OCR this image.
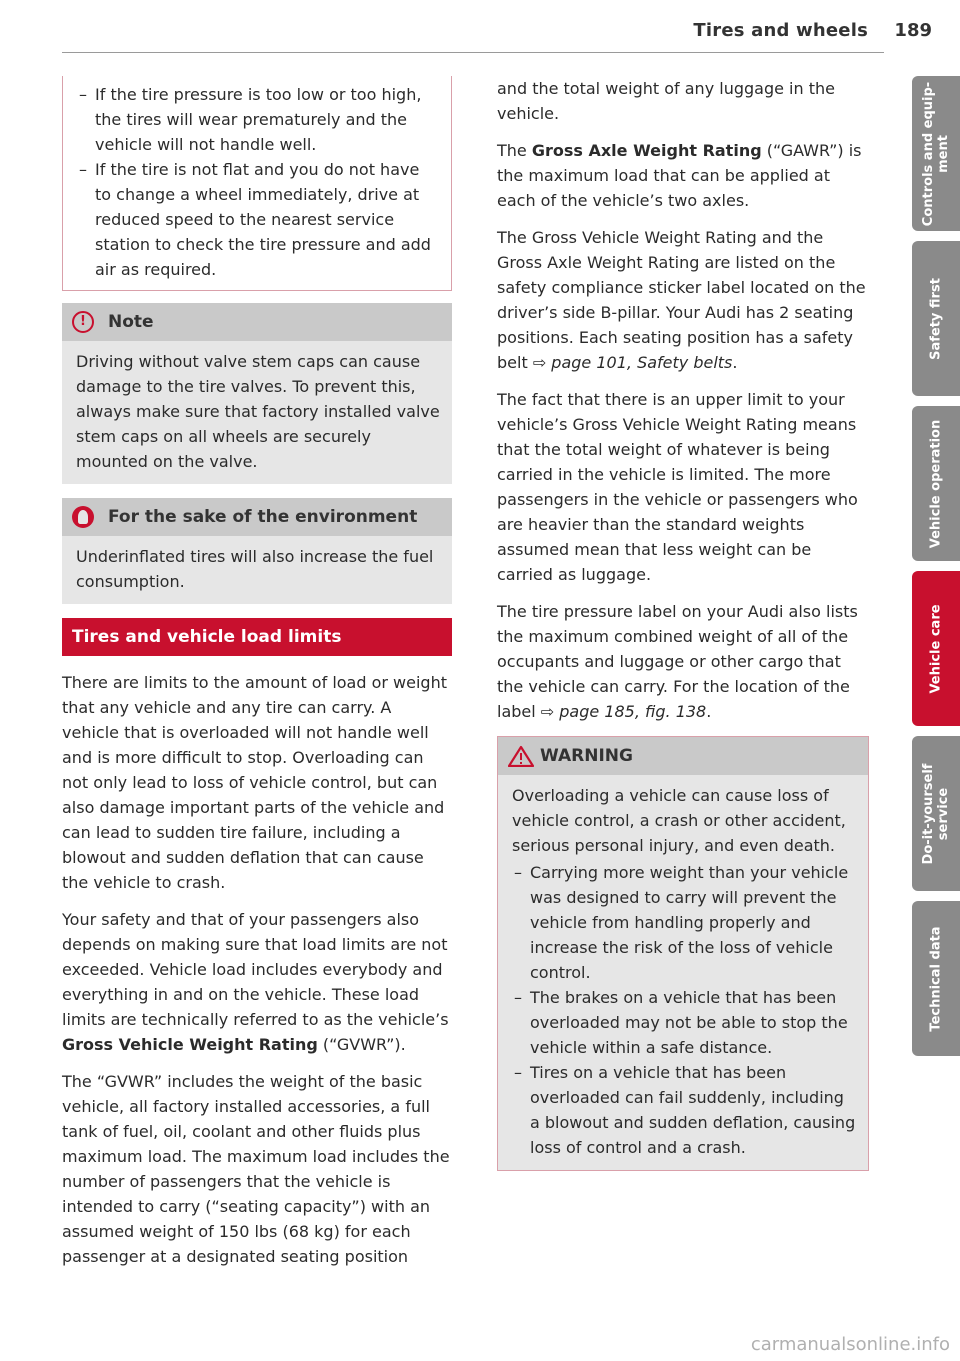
Tires and wheels 189
– If the tire pressure is too low or too high, the tires will wear prematurely and the vehicle will not handle well.
– If the tire is not flat and you do not have to change a wheel immediately, drive at reduced speed to the nearest service station to check the tire pressure and add air as required.
!	Note
Driving without valve stem caps can cause damage to the tire valves. To prevent this, always make sure that factory installed valve stem caps on all wheels are securely mounted on the valve.
For the sake of the environment
Underinflated tires will also increase the fuel consumption.
Tires and vehicle load limits

There are limits to the amount of load or weight that any vehicle and any tire can carry. A vehicle that is overloaded will not handle well and is more difficult to stop. Overloading can not only lead to loss of vehicle control, but can also damage important parts of the vehicle and can lead to sudden tire failure, including a blowout and sudden deflation that can cause the vehicle to crash.

Your safety and that of your passengers also depends on making sure that load limits are not exceeded. Vehicle load includes everybody and everything in and on the vehicle. These load limits are technically referred to as the vehicle’s Gross Vehicle Weight Rating (“GVWR”).

The “GVWR” includes the weight of the basic vehicle, all factory installed accessories, a full tank of fuel, oil, coolant and other fluids plus maximum load. The maximum load includes the number of passengers that the vehicle is intended to carry (“seating capacity”) with an assumed weight of 150 lbs (68 kg) for each passenger at a designated seating position

and the total weight of any luggage in the vehicle.

The Gross Axle Weight Rating (“GAWR”) is the maximum load that can be applied at each of the vehicle’s two axles.

The Gross Vehicle Weight Rating and the Gross Axle Weight Rating are listed on the safety compliance sticker label located on the driver’s side B-pillar. Your Audi has 2 seating positions. Each seating position has a safety belt ⇨ page 101, Safety belts.

The fact that there is an upper limit to your vehicle’s Gross Vehicle Weight Rating means that the total weight of whatever is being carried in the vehicle is limited. The more passengers in the vehicle or passengers who are heavier than the standard weights assumed mean that less weight can be carried as luggage.

The tire pressure label on your Audi also lists the maximum combined weight of all of the occupants and luggage or other cargo that the vehicle can carry. For the location of the label ⇨ page 185, fig. 138.

WARNING

Overloading a vehicle can cause loss of vehicle control, a crash or other accident, serious personal injury, and even death.

– Carrying more weight than your vehicle was designed to carry will prevent the vehicle from handling properly and increase the risk of the loss of vehicle control.
– The brakes on a vehicle that has been overloaded may not be able to stop the vehicle within a safe distance.
– Tires on a vehicle that has been overloaded can fail suddenly, including a blowout and sudden deflation, causing loss of control and a crash.
Controls and equip-
ment
Safety first
Vehicle operation
Vehicle care
Do-it-yourself
service
Technical data
carmanualsonline.info
